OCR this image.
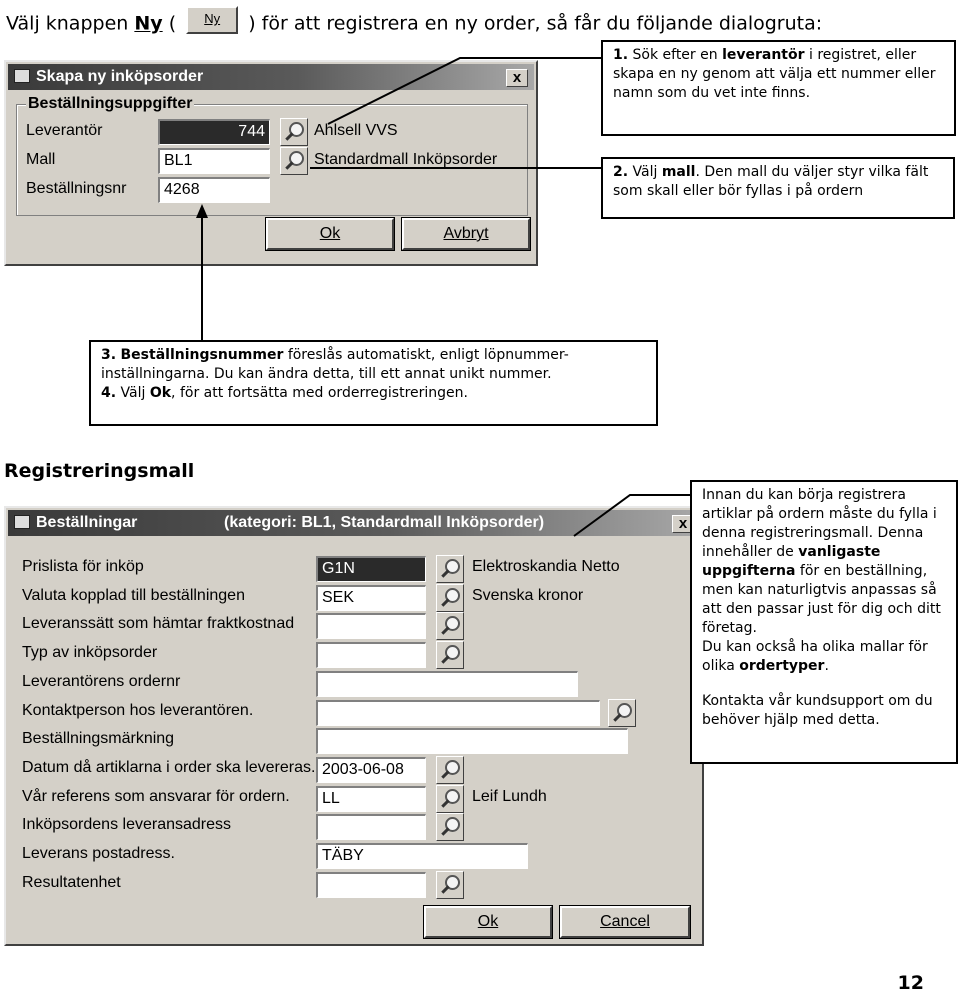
Välj knappen Ny ( Ny ) för att registrera en ny order, så får du följande dialogruta:
Skapa ny inköpsorder	x
Beställningsuppgifter
Leverantör	744	Ahlsell VVS
Mall	BL1	Standardmall Inköpsorder
Beställningsnr	4268
Ok	Avbryt

1. Sök efter en leverantör i registret, eller skapa en ny genom att välja ett nummer eller namn som du vet inte finns.

2. Välj mall. Den mall du väljer styr vilka fält som skall eller bör fyllas i på ordern

3. Beställningsnummer föreslås automatiskt, enligt löpnummer-inställningarna. Du kan ändra detta, till ett annat unikt nummer.

4. Välj Ok, för att fortsätta med orderregistreringen.

Registreringsmall
Beställningar	(kategori: BL1, Standardmall Inköpsorder)	x
Prislista för inköp	G1N	Elektroskandia Netto
Valuta kopplad till beställningen	SEK	Svenska kronor
Leveranssätt som hämtar fraktkostnad
Typ av inköpsorder
Leverantörens ordernr
Kontaktperson hos leverantören.
Beställningsmärkning
Datum då artiklarna i order ska levereras. 2003-06-08
Vår referens som ansvarar för ordern.	LL	Leif Lundh
Inköpsordens leveransadress
Leverans postadress.	TÄBY
Resultatenhet
Ok	Cancel

Innan du kan börja registrera artiklar på ordern måste du fylla i denna registreringsmall. Denna innehåller de vanligaste uppgifterna för en beställning, men kan naturligtvis anpassas så att den passar just för dig och ditt företag.

Du kan också ha olika mallar för olika ordertyper.

Kontakta vår kundsupport om du behöver hjälp med detta.

12
